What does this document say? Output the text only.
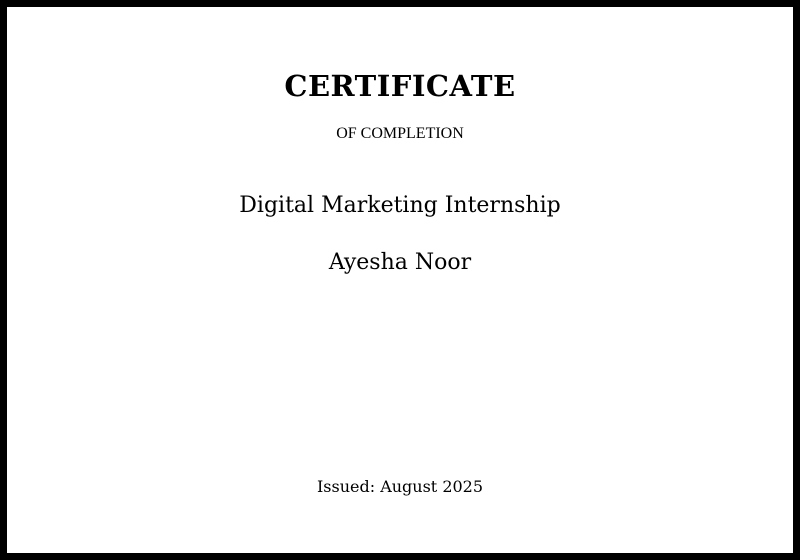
CERTIFICATE
OF COMPLETION
Digital Marketing Internship
Ayesha Noor
Issued: August 2025
